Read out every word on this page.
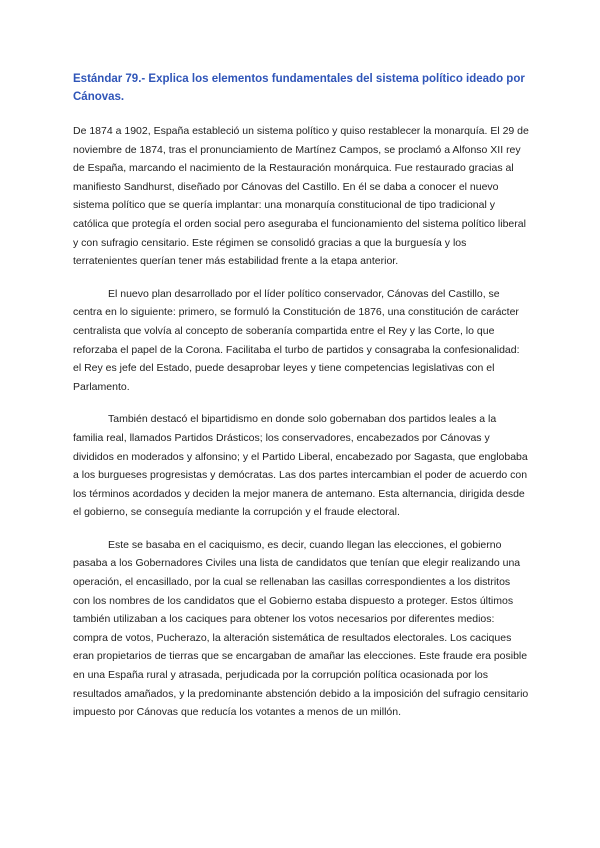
Estándar 79.- Explica los elementos fundamentales del sistema político ideado por Cánovas.

De 1874 a 1902, España estableció un sistema político y quiso restablecer la monarquía. El 29 de noviembre de 1874, tras el pronunciamiento de Martínez Campos, se proclamó a Alfonso XII rey de España, marcando el nacimiento de la Restauración monárquica. Fue restaurado gracias al manifiesto Sandhurst, diseñado por Cánovas del Castillo. En él se daba a conocer el nuevo sistema político que se quería implantar: una monarquía constitucional de tipo tradicional y católica que protegía el orden social pero aseguraba el funcionamiento del sistema político liberal y con sufragio censitario. Este régimen se consolidó gracias a que la burguesía y los terratenientes querían tener más estabilidad frente a la etapa anterior.

El nuevo plan desarrollado por el líder político conservador, Cánovas del Castillo, se centra en lo siguiente: primero, se formuló la Constitución de 1876, una constitución de carácter centralista que volvía al concepto de soberanía compartida entre el Rey y las Corte, lo que reforzaba el papel de la Corona. Facilitaba el turbo de partidos y consagraba la confesionalidad: el Rey es jefe del Estado, puede desaprobar leyes y tiene competencias legislativas con el Parlamento.

También destacó el bipartidismo en donde solo gobernaban dos partidos leales a la familia real, llamados Partidos Drásticos; los conservadores, encabezados por Cánovas y divididos en moderados y alfonsino; y el Partido Liberal, encabezado por Sagasta, que englobaba a los burgueses progresistas y demócratas. Las dos partes intercambian el poder de acuerdo con los términos acordados y deciden la mejor manera de antemano. Esta alternancia, dirigida desde el gobierno, se conseguía mediante la corrupción y el fraude electoral.

Este se basaba en el caciquismo, es decir, cuando llegan las elecciones, el gobierno pasaba a los Gobernadores Civiles una lista de candidatos que tenían que elegir realizando una operación, el encasillado, por la cual se rellenaban las casillas correspondientes a los distritos con los nombres de los candidatos que el Gobierno estaba dispuesto a proteger. Estos últimos también utilizaban a los caciques para obtener los votos necesarios por diferentes medios: compra de votos, Pucherazo, la alteración sistemática de resultados electorales. Los caciques eran propietarios de tierras que se encargaban de amañar las elecciones. Este fraude era posible en una España rural y atrasada, perjudicada por la corrupción política ocasionada por los resultados amañados, y la predominante abstención debido a la imposición del sufragio censitario impuesto por Cánovas que reducía los votantes a menos de un millón.
